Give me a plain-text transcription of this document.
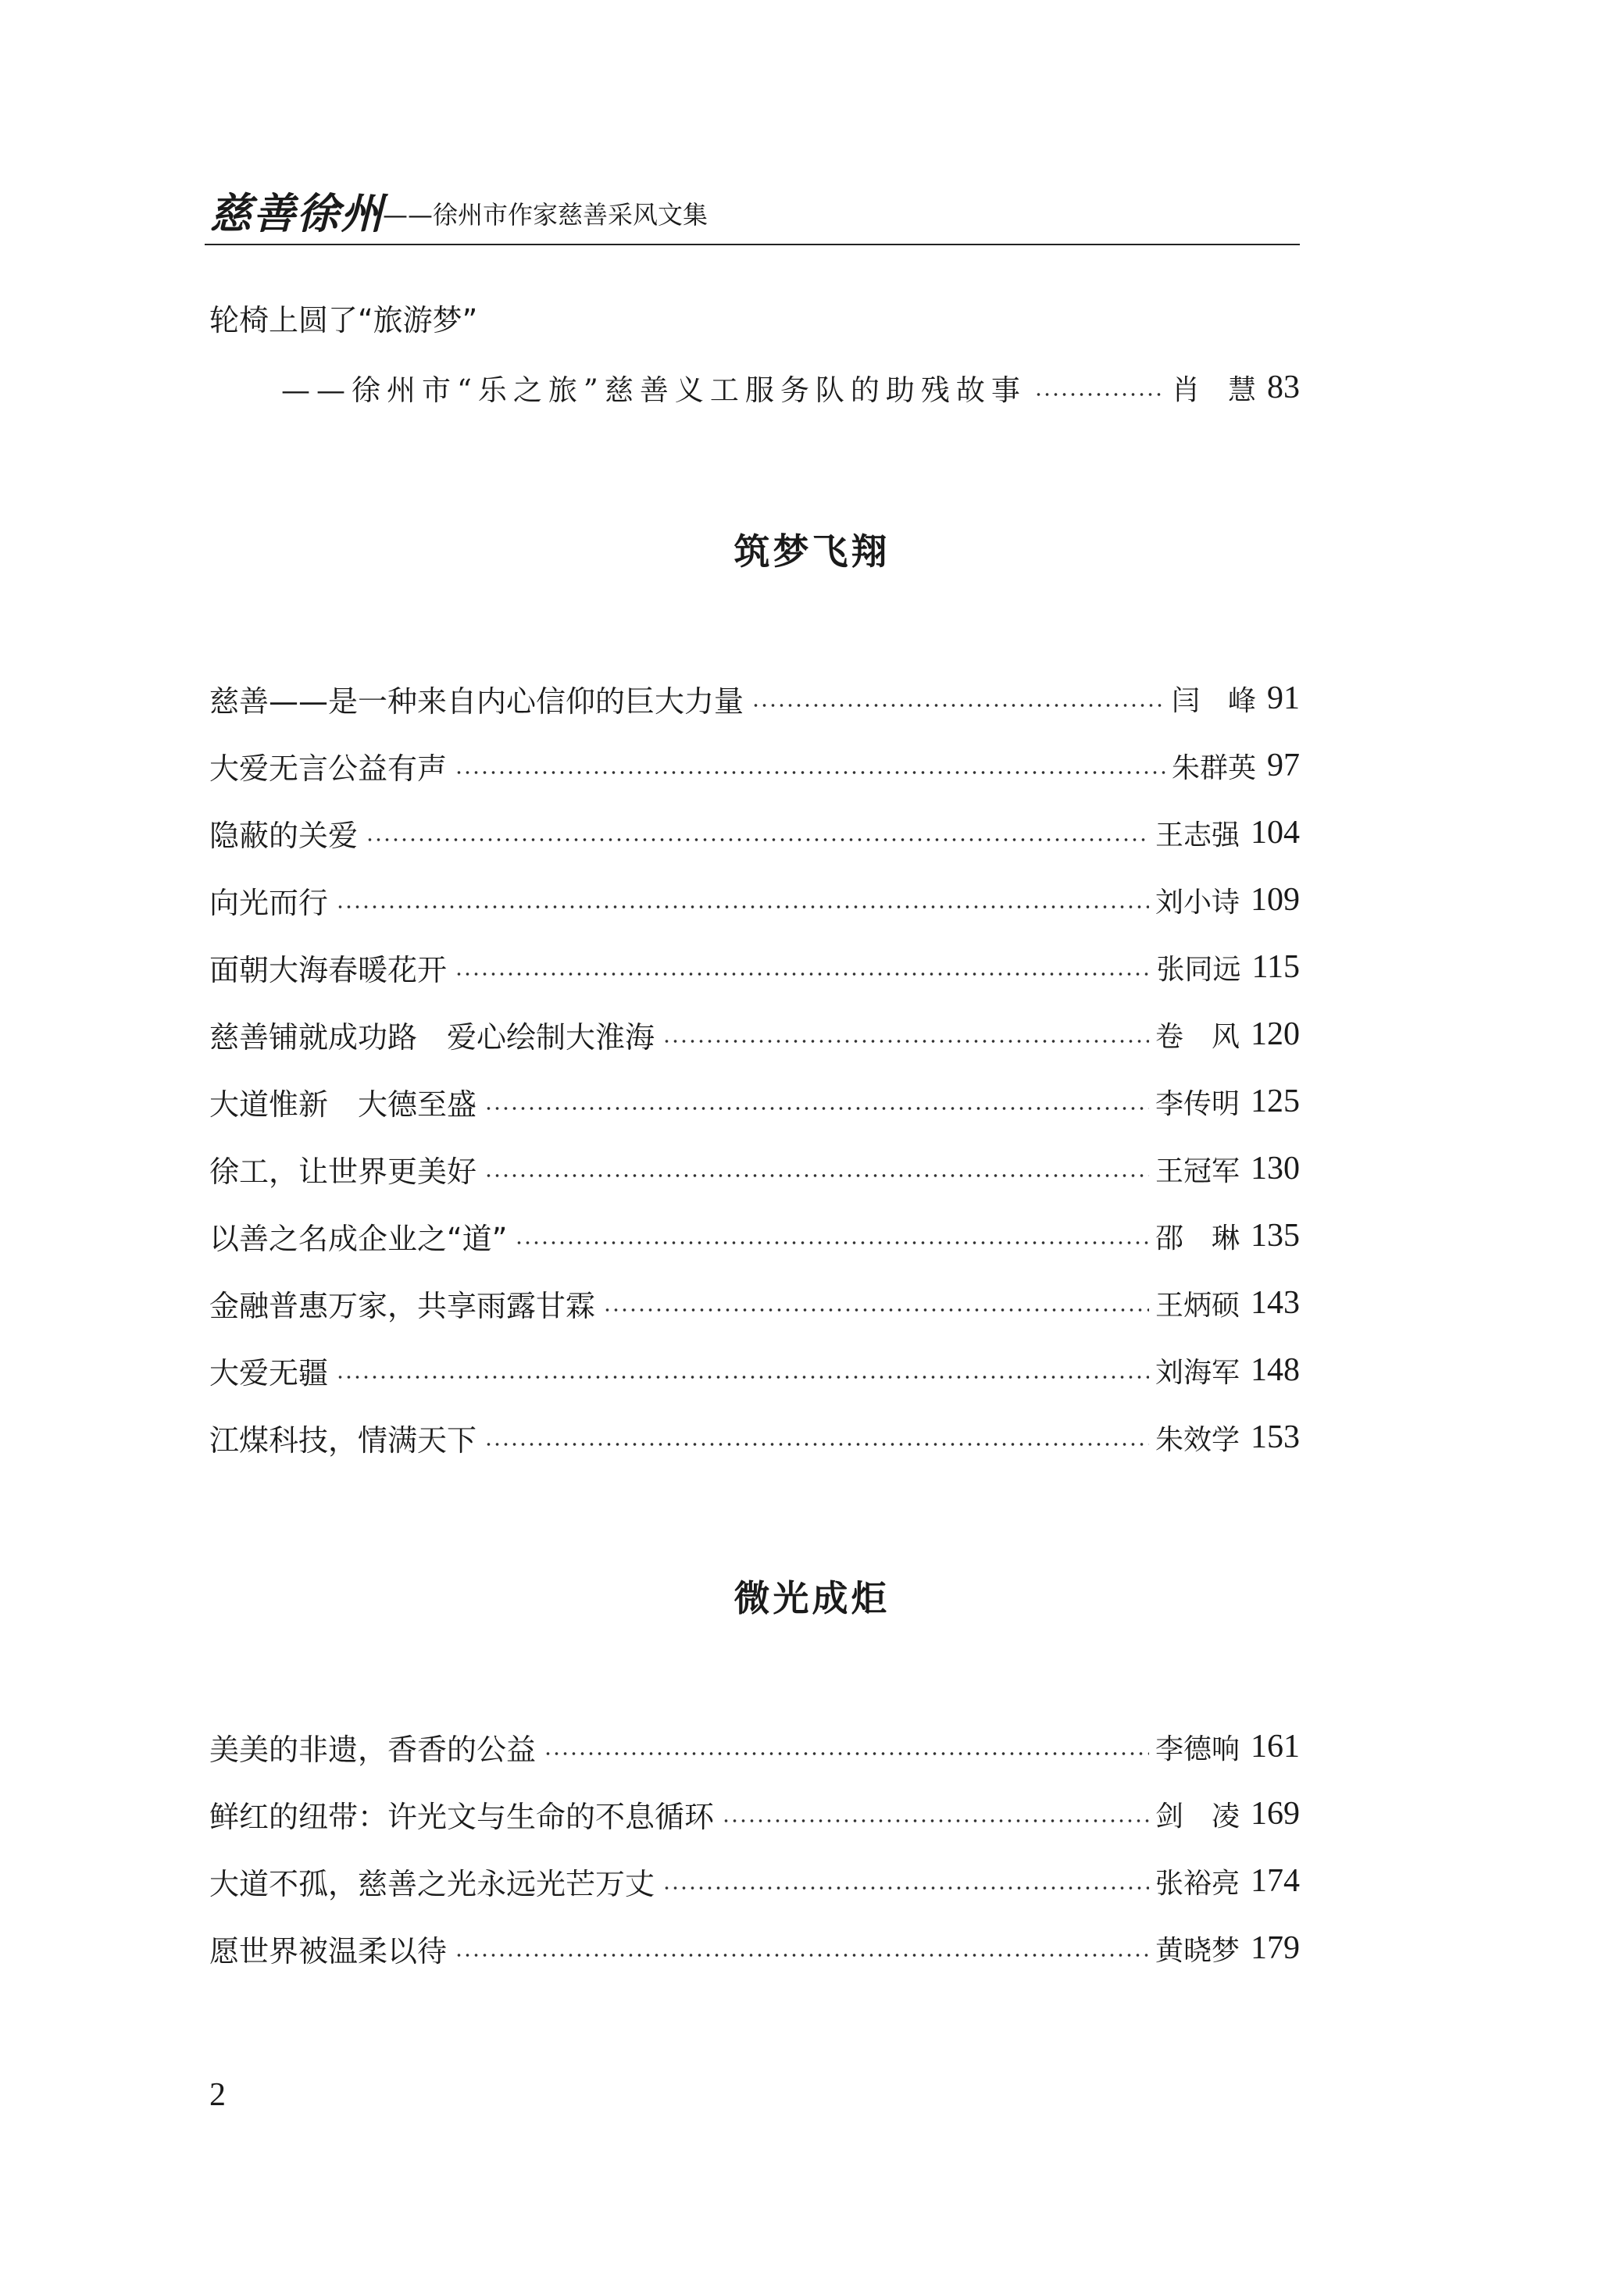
慈善徐州
——徐州市作家慈善采风文集
轮椅上圆了“旅游梦”
——徐州市“乐之旅”慈善义工服务队的助残故事	肖　慧 83
筑梦飞翔
慈善——是一种来自内心信仰的巨大力量	闫　峰 91
大爱无言公益有声	朱群英 97
隐蔽的关爱	王志强 104
向光而行	刘小诗 109
面朝大海春暖花开	张同远 115
慈善铺就成功路　爱心绘制大淮海	卷　风 120
大道惟新　大德至盛	李传明 125
徐工，让世界更美好	王冠军 130
以善之名成企业之“道”	邵　琳 135
金融普惠万家，共享雨露甘霖	王炳硕 143
大爱无疆	刘海军 148
江煤科技，情满天下	朱效学 153
微光成炬
美美的非遗，香香的公益	李德响 161
鲜红的纽带：许光文与生命的不息循环	剑　凌 169
大道不孤，慈善之光永远光芒万丈	张裕亮 174
愿世界被温柔以待	黄晓梦 179
2
